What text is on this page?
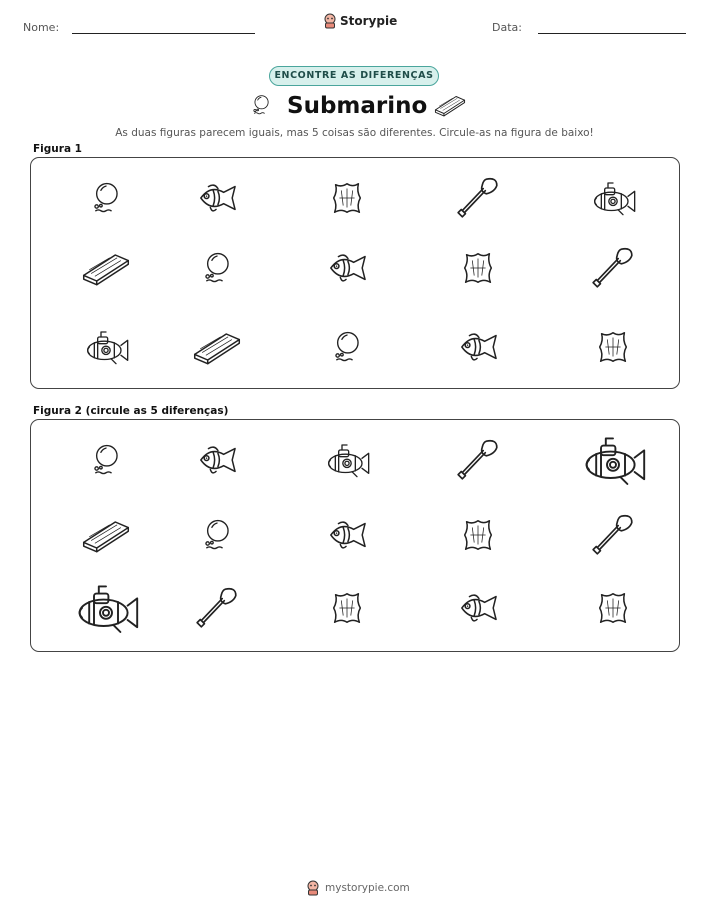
Nome:	Storypie	Data:
ENCONTRE AS DIFERENÇAS
Submarino
As duas figuras parecem iguais, mas 5 coisas são diferentes. Circule-as na figura de baixo!
Figura 1
Figura 2 (circule as 5 diferenças)
mystorypie.com
